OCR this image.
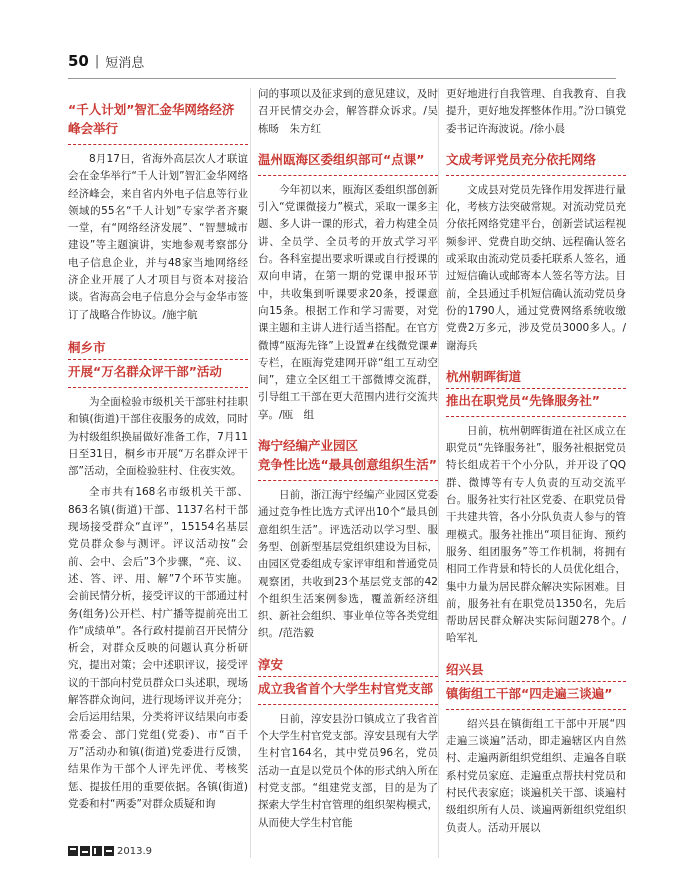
50 | 短消息

“千人计划”智汇金华网络经济

峰会举行

8月17日，省海外高层次人才联谊会在金华举行“千人计划”智汇金华网络经济峰会，来自省内外电子信息等行业领域的55名“千人计划”专家学者齐聚一堂，有“网络经济发展”、“智慧城市建设”等主题演讲，实地参观考察部分电子信息企业，并与48家当地网络经济企业开展了人才项目与资本对接洽谈。省海高会电子信息分会与金华市签订了战略合作协议。/施宇航

桐乡市

开展“万名群众评干部”活动

为全面检验市级机关干部驻村挂职和镇(街道)干部住夜服务的成效，同时为村级组织换届做好准备工作，7月11日至31日，桐乡市开展“万名群众评干部”活动，全面检验驻村、住夜实效。

全市共有168名市级机关干部、863名镇(街道)干部、1137名村干部现场接受群众“直评”，15154名基层党员群众参与测评。评议活动按“会前、会中、会后”3个步骤，“亮、议、述、答、评、用、解”7个环节实施。会前民情分析，接受评议的干部通过村务(组务)公开栏、村广播等提前亮出工作“成绩单”。各行政村提前召开民情分析会，对群众反映的问题认真分析研究，提出对策；会中述职评议，接受评议的干部向村党员群众口头述职，现场解答群众询问，进行现场评议并亮分；会后运用结果，分类将评议结果向市委常委会、部门党组(党委)、市“百千万”活动办和镇(街道)党委进行反馈，结果作为干部个人评先评优、考核奖惩、提拔任用的重要依据。各镇(街道)党委和村“两委”对群众质疑和询

问的事项以及征求到的意见建议，及时召开民情交办会，解答群众诉求。/吴栋旸　朱方红

温州瓯海区委组织部可“点课”

今年初以来，瓯海区委组织部创新引入“党课微接力”模式，采取一课多主题、多人讲一课的形式，着力构建全员讲、全员学、全员考的开放式学习平台。各科室提出要求听课或自行授课的双向申请，在第一期的党课申报环节中，共收集到听课要求20条，授课意向15条。根据工作和学习需要，对党课主题和主讲人进行适当搭配。在官方微博“瓯海先锋”上设置#在线微党课#专栏，在瓯海党建网开辟“组工互动空间”，建立全区组工干部微博交流群，引导组工干部在更大范围内进行交流共享。/瓯　组

海宁经编产业园区

竞争性比选“最具创意组织生活”

日前，浙江海宁经编产业园区党委通过竞争性比选方式评出10个“最具创意组织生活”。评选活动以学习型、服务型、创新型基层党组织建设为目标，由园区党委组成专家评审组和普通党员观察团，共收到23个基层党支部的42个组织生活案例参选，覆盖新经济组织、新社会组织、事业单位等各类党组织。/范浩毅

淳安

成立我省首个大学生村官党支部

日前，淳安县汾口镇成立了我省首个大学生村官党支部。淳安县现有大学生村官164名，其中党员96名，党员活动一直是以党员个体的形式纳入所在村党支部。“组建党支部，目的是为了探索大学生村官管理的组织架构模式，从而使大学生村官能

更好地进行自我管理、自我教育、自我提升，更好地发挥整体作用。”汾口镇党委书记许海波说。/徐小晨

文成考评党员充分依托网络

文成县对党员先锋作用发挥进行量化，考核方法突破常规。对流动党员充分依托网络党建平台，创新尝试运程视频参评、党费自助交纳、远程确认签名或采取由流动党员委托联系人签名，通过短信确认或邮寄本人签名等方法。目前，全县通过手机短信确认流动党员身份的1790人，通过党费网络系统收缴党费2万多元，涉及党员3000多人。/谢海兵

杭州朝晖街道

推出在职党员“先锋服务社”

日前，杭州朝晖街道在社区成立在职党员“先锋服务社”，服务社根据党员特长组成若干个小分队，并开设了QQ群、微博等有专人负责的互动交流平台。服务社实行社区党委、在职党员骨干共建共管，各小分队负责人参与的管理模式。服务社推出“项目征询、预约服务、组团服务”等工作机制，将拥有相同工作背景和特长的人员优化组合，集中力量为居民群众解决实际困难。目前，服务社有在职党员1350名，先后帮助居民群众解决实际问题278个。/哈军礼

绍兴县

镇街组工干部“四走遍三谈遍”

绍兴县在镇街组工干部中开展“四走遍三谈遍”活动，即走遍辖区内自然村、走遍两新组织党组织、走遍各自联系村党员家庭、走遍重点帮扶村党员和村民代表家庭；谈遍机关干部、谈遍村级组织所有人员、谈遍两新组织党组织负责人。活动开展以

2013.9
